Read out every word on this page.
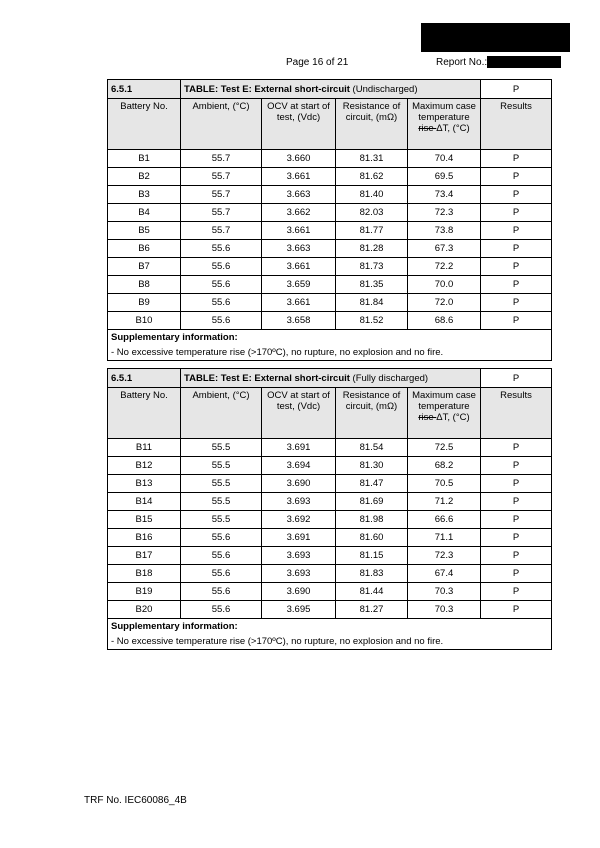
Page 16 of 21	Report No.:
6.5.1	TABLE: Test E: External short-circuit (Undischarged)				P
Battery No.	Ambient, (°C)	OCV at start of test, (Vdc)	Resistance of circuit, (mΩ)	Maximum case temperature
rise ΔT, (°C)	Results
B1	55.7	3.660	81.31	70.4	P
B2	55.7	3.661	81.62	69.5	P
B3	55.7	3.663	81.40	73.4	P
B4	55.7	3.662	82.03	72.3	P
B5	55.7	3.661	81.77	73.8	P
B6	55.6	3.663	81.28	67.3	P
B7	55.6	3.661	81.73	72.2	P
B8	55.6	3.659	81.35	70.0	P
B9	55.6	3.661	81.84	72.0	P
B10	55.6	3.658	81.52	68.6	P
Supplementary information:					
- No excessive temperature rise (>170ºC), no rupture, no explosion and no fire.					
6.5.1	TABLE: Test E: External short-circuit (Fully discharged)				P
Battery No.	Ambient, (°C)	OCV at start of test, (Vdc)	Resistance of circuit, (mΩ)	Maximum case temperature
rise ΔT, (°C)	Results
B11	55.5	3.691	81.54	72.5	P
B12	55.5	3.694	81.30	68.2	P
B13	55.5	3.690	81.47	70.5	P
B14	55.5	3.693	81.69	71.2	P
B15	55.5	3.692	81.98	66.6	P
B16	55.6	3.691	81.60	71.1	P
B17	55.6	3.693	81.15	72.3	P
B18	55.6	3.693	81.83	67.4	P
B19	55.6	3.690	81.44	70.3	P
B20	55.6	3.695	81.27	70.3	P
Supplementary information:					
- No excessive temperature rise (>170ºC), no rupture, no explosion and no fire.					
TRF No. IEC60086_4B
